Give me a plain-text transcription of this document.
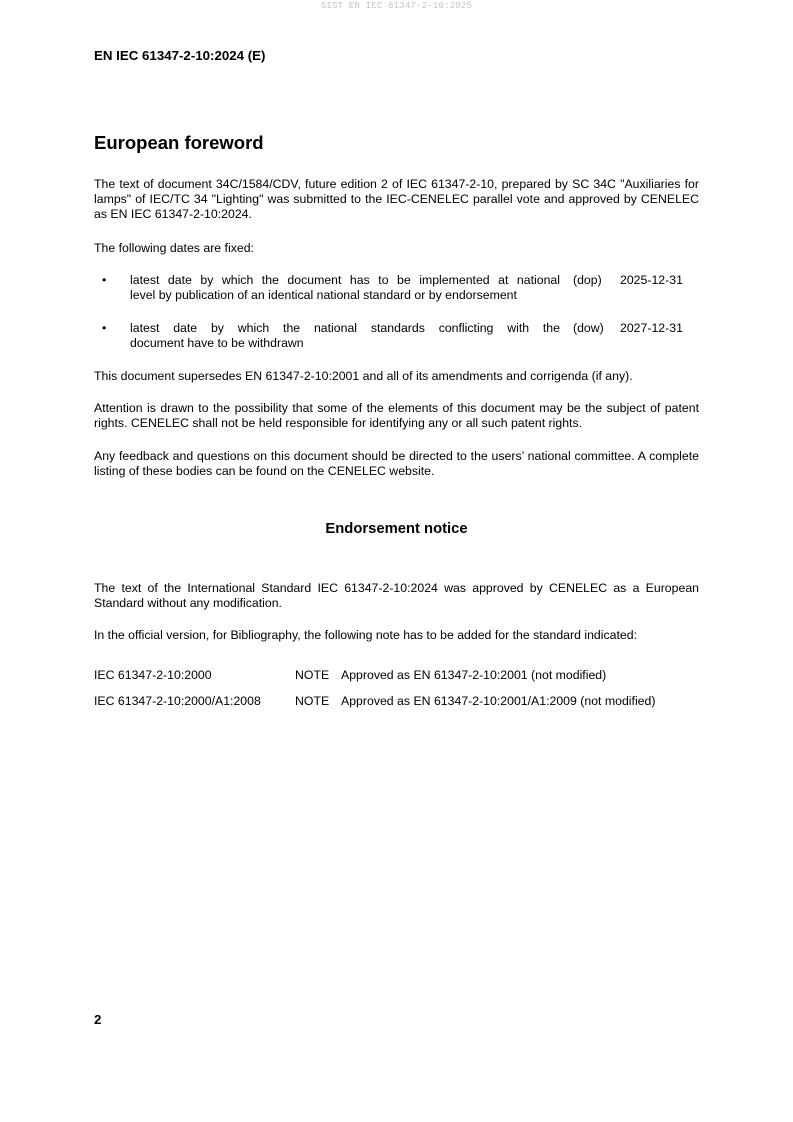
SIST EN IEC 61347-2-10:2025
EN IEC 61347-2-10:2024 (E)
European foreword

The text of document 34C/1584/CDV, future edition 2 of IEC 61347-2-10, prepared by SC 34C "Auxiliaries for lamps" of IEC/TC 34 "Lighting" was submitted to the IEC-CENELEC parallel vote and approved by CENELEC as EN IEC 61347-2-10:2024.

The following dates are fixed:

• latest date by which the document has to be implemented at national
level by publication of an identical national standard or by endorsement
(dop) 2025-12-31
• latest date by which the national standards conflicting with the
document have to be withdrawn
(dow) 2027-12-31

This document supersedes EN 61347-2-10:2001 and all of its amendments and corrigenda (if any).

Attention is drawn to the possibility that some of the elements of this document may be the subject of patent rights. CENELEC shall not be held responsible for identifying any or all such patent rights.

Any feedback and questions on this document should be directed to the users’ national committee. A complete listing of these bodies can be found on the CENELEC website.

Endorsement notice

The text of the International Standard IEC 61347-2-10:2024 was approved by CENELEC as a European Standard without any modification.

In the official version, for Bibliography, the following note has to be added for the standard indicated:

IEC 61347-2-10:2000	NOTE Approved as EN 61347-2-10:2001 (not modified)
IEC 61347-2-10:2000/A1:2008	NOTE Approved as EN 61347-2-10:2001/A1:2009 (not modified)
2
